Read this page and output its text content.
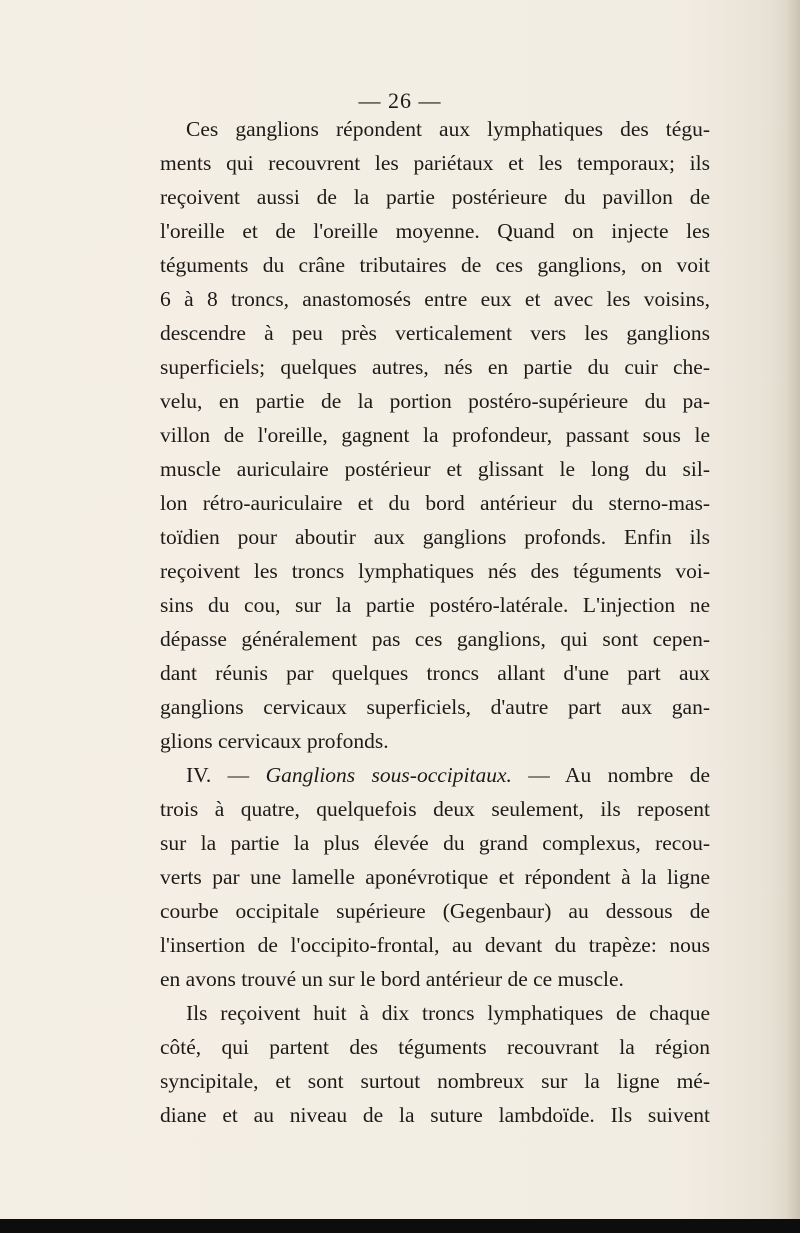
— 26 —
Ces ganglions répondent aux lymphatiques des tégu-
ments qui recouvrent les pariétaux et les temporaux; ils
reçoivent aussi de la partie postérieure du pavillon de
l'oreille et de l'oreille moyenne. Quand on injecte les
téguments du crâne tributaires de ces ganglions, on voit
6 à 8 troncs, anastomosés entre eux et avec les voisins,
descendre à peu près verticalement vers les ganglions
superficiels; quelques autres, nés en partie du cuir che-
velu, en partie de la portion postéro-supérieure du pa-
villon de l'oreille, gagnent la profondeur, passant sous le
muscle auriculaire postérieur et glissant le long du sil-
lon rétro-auriculaire et du bord antérieur du sterno-mas-
toïdien pour aboutir aux ganglions profonds. Enfin ils
reçoivent les troncs lymphatiques nés des téguments voi-
sins du cou, sur la partie postéro-latérale. L'injection ne
dépasse généralement pas ces ganglions, qui sont cepen-
dant réunis par quelques troncs allant d'une part aux
ganglions cervicaux superficiels, d'autre part aux gan-
glions cervicaux profonds.
IV. — Ganglions sous-occipitaux. — Au nombre de
trois à quatre, quelquefois deux seulement, ils reposent
sur la partie la plus élevée du grand complexus, recou-
verts par une lamelle aponévrotique et répondent à la ligne
courbe occipitale supérieure (Gegenbaur) au dessous de
l'insertion de l'occipito-frontal, au devant du trapèze: nous
en avons trouvé un sur le bord antérieur de ce muscle.
Ils reçoivent huit à dix troncs lymphatiques de chaque
côté, qui partent des téguments recouvrant la région
syncipitale, et sont surtout nombreux sur la ligne mé-
diane et au niveau de la suture lambdoïde. Ils suivent
